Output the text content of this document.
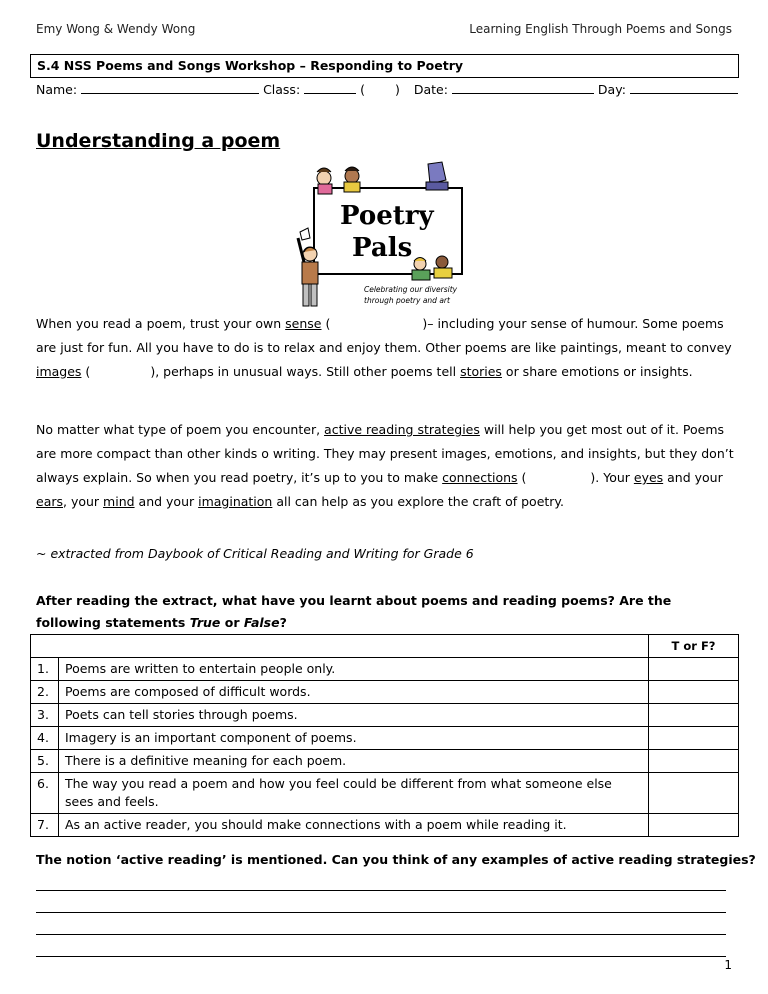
Emy Wong & Wendy Wong	Learning English Through Poems and Songs
S.4 NSS Poems and Songs Workshop – Responding to Poetry
Name:	Class:	( ) Date:	Day:
Understanding a poem
Poetry
Pals
Celebrating our diversity
through poetry and art

When you read a poem, trust your own sense (	)– including your sense of humour. Some poems are just for fun. All you have to do is to relax and enjoy them. Other poems are like paintings, meant to convey images (	), perhaps in unusual ways. Still other poems tell stories or share emotions or insights.

No matter what type of poem you encounter, active reading strategies will help you get most out of it. Poems are more compact than other kinds o writing. They may present images, emotions, and insights, but they don’t always explain. So when you read poetry, it’s up to you to make connections (	). Your eyes and your ears, your mind and your imagination all can help as you explore the craft of poetry.

~ extracted from Daybook of Critical Reading and Writing for Grade 6

After reading the extract, what have you learnt about poems and reading poems? Are the following statements True or False?

		T or F?
1.	Poems are written to entertain people only.	
2.	Poems are composed of difficult words.	
3.	Poets can tell stories through poems.	
4.	Imagery is an important component of poems.	
5.	There is a definitive meaning for each poem.	
6.	The way you read a poem and how you feel could be different from what someone else sees and feels.	
7.	As an active reader, you should make connections with a poem while reading it.	
The notion ‘active reading’ is mentioned. Can you think of any examples of active reading strategies?
1
